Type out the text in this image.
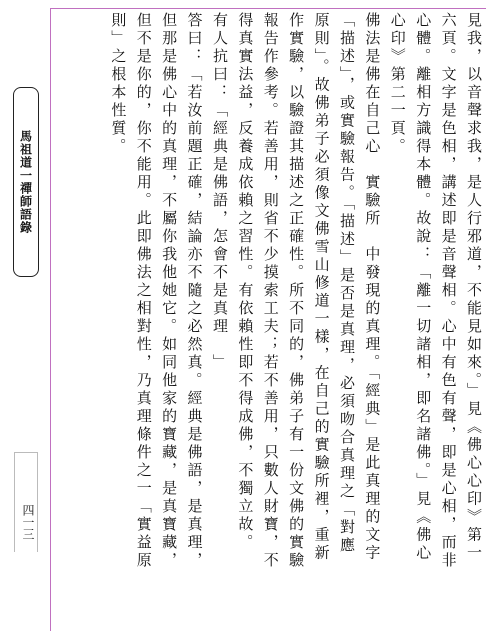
馬祖道一禪師語錄
四一三	見我，以音聲求我，是人行邪道，不能見如來。」見《佛心心印》第一
六頁。文字是色相，講述即是音聲相。心中有色有聲，即是心相，而非
心體。離相方識得本體。故說：「離一切諸相，即名諸佛。」見《佛心
心印》第二一頁。
佛法是佛在自己心　實驗所　中發現的真理。「經典」是此真理的文字
「描述」，或實驗報告。「描述」是否是真理，必須吻合真理之「對應
原則」。故佛弟子必須像文佛雪山修道一樣，在自己的實驗所裡，重新
作實驗，以驗證其描述之正確性。所不同的，佛弟子有一份文佛的實驗
報告作參考。若善用，則省不少摸索工夫；若不善用，只數人財寶，不
得真實法益，反養成依賴之習性。有依賴性即不得成佛，不獨立故。
有人抗曰：「經典是佛語，怎會不是真理　」
答曰：「若汝前題正確，結論亦不隨之必然真。經典是佛語，是真理，
但那是佛心中的真理，不屬你我他她它。如同他家的寶藏，是真寶藏，
但不是你的，你不能用。此即佛法之相對性，乃真理條件之一「實益原
則」之根本性質。
